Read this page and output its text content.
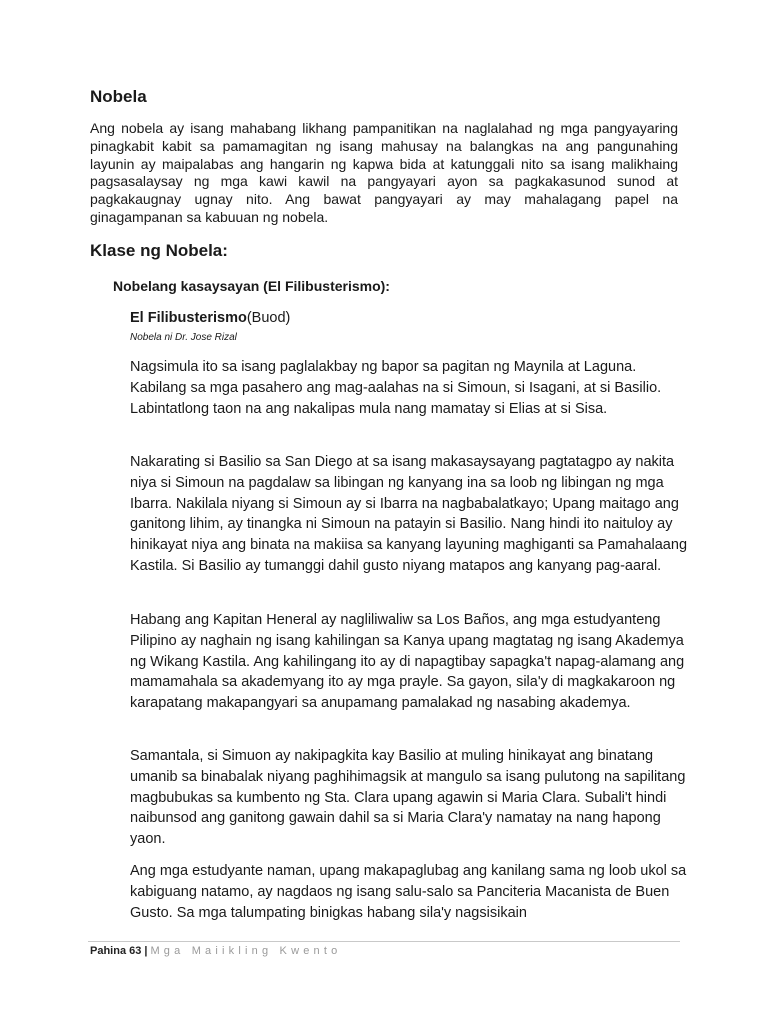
Nobela

Ang nobela ay isang mahabang likhang pampanitikan na naglalahad ng mga pangyayaring pinagkabit kabit sa pamamagitan ng isang mahusay na balangkas na ang pangunahing layunin ay maipalabas ang hangarin ng kapwa bida at katunggali nito sa isang malikhaing pagsasalaysay ng mga kawi kawil na pangyayari ayon sa pagkakasunod sunod at pagkakaugnay ugnay nito. Ang bawat pangyayari ay may mahalagang papel na ginagampanan sa kabuuan ng nobela.

Klase ng Nobela:
Nobelang kasaysayan (El Filibusterismo):

El Filibusterismo(Buod)

Nobela ni Dr. Jose Rizal

Nagsimula ito sa isang paglalakbay ng bapor sa pagitan ng Maynila at Laguna. Kabilang sa mga pasahero ang mag-aalahas na si Simoun, si Isagani, at si Basilio. Labintatlong taon na ang nakalipas mula nang mamatay si Elias at si Sisa.

Nakarating si Basilio sa San Diego at sa isang makasaysayang pagtatagpo ay nakita niya si Simoun na pagdalaw sa libingan ng kanyang ina sa loob ng libingan ng mga Ibarra. Nakilala niyang si Simoun ay si Ibarra na nagbabalatkayo; Upang maitago ang ganitong lihim, ay tinangka ni Simoun na patayin si Basilio. Nang hindi ito naituloy ay hinikayat niya ang binata na makiisa sa kanyang layuning maghiganti sa Pamahalaang Kastila. Si Basilio ay tumanggi dahil gusto niyang matapos ang kanyang pag-aaral.

Habang ang Kapitan Heneral ay nagliliwaliw sa Los Baños, ang mga estudyanteng Pilipino ay naghain ng isang kahilingan sa Kanya upang magtatag ng isang Akademya ng Wikang Kastila. Ang kahilingang ito ay di napagtibay sapagka't napag-alamang ang mamamahala sa akademyang ito ay mga prayle. Sa gayon, sila'y di magkakaroon ng karapatang makapangyari sa anupamang pamalakad ng nasabing akademya.

Samantala, si Simuon ay nakipagkita kay Basilio at muling hinikayat ang binatang umanib sa binabalak niyang paghihimagsik at mangulo sa isang pulutong na sapilitang magbubukas sa kumbento ng Sta. Clara upang agawin si Maria Clara. Subali't hindi naibunsod ang ganitong gawain dahil sa si Maria Clara'y namatay na nang hapong yaon.

Ang mga estudyante naman, upang makapaglubag ang kanilang sama ng loob ukol sa kabiguang natamo, ay nagdaos ng isang salu-salo sa Panciteria Macanista de Buen Gusto. Sa mga talumpating binigkas habang sila'y nagsisikain

Pahina 63 | Mga Maiikling Kwento
